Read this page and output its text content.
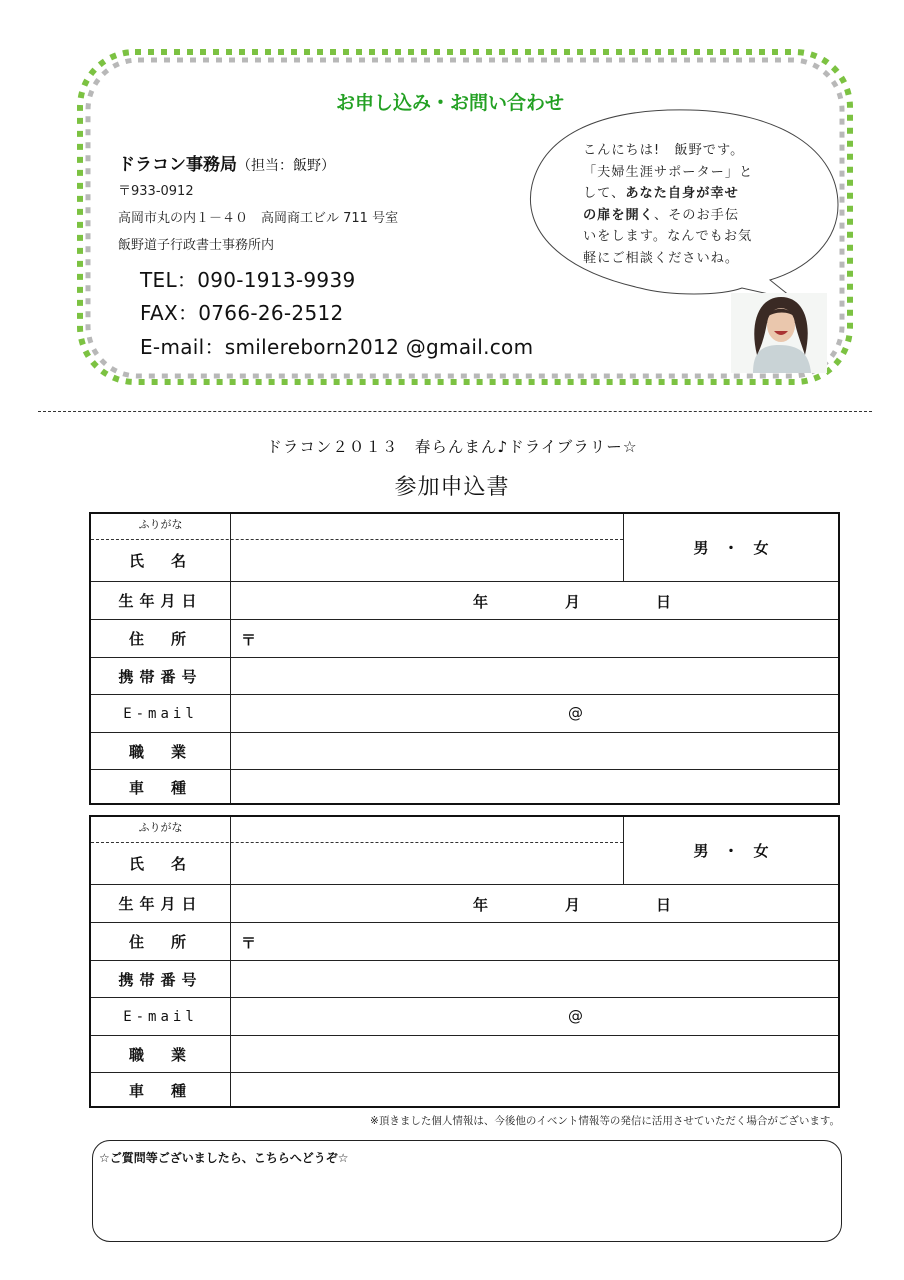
お申し込み・お問い合わせ
ドラコン事務局（担当：飯野）
〒933-0912
高岡市丸の内１－４０　高岡商工ビル 711 号室
飯野道子行政書士事務所内
TEL：090-1913-9939
FAX：0766-26-2512
E-mail：smilereborn2012 @gmail.com
こんにちは!　飯野です。
「夫婦生涯サポーター」と
して、あなた自身が幸せ
の扉を開く、そのお手伝
いをします。なんでもお気
軽にご相談くださいね。
ドラコン２０１３　春らんまん♪ドライブラリー☆
参加申込書
ふりがな
氏　名
男　・　女
生年月日	年	月	日
住　所	〒
携帯番号
E-mail	@
職　業
車　種
ふりがな
氏　名
男　・　女
生年月日	年	月	日
住　所	〒
携帯番号
E-mail	@
職　業
車　種
※頂きました個人情報は、今後他のイベント情報等の発信に活用させていただく場合がございます。
☆ご質問等ございましたら、こちらへどうぞ☆
